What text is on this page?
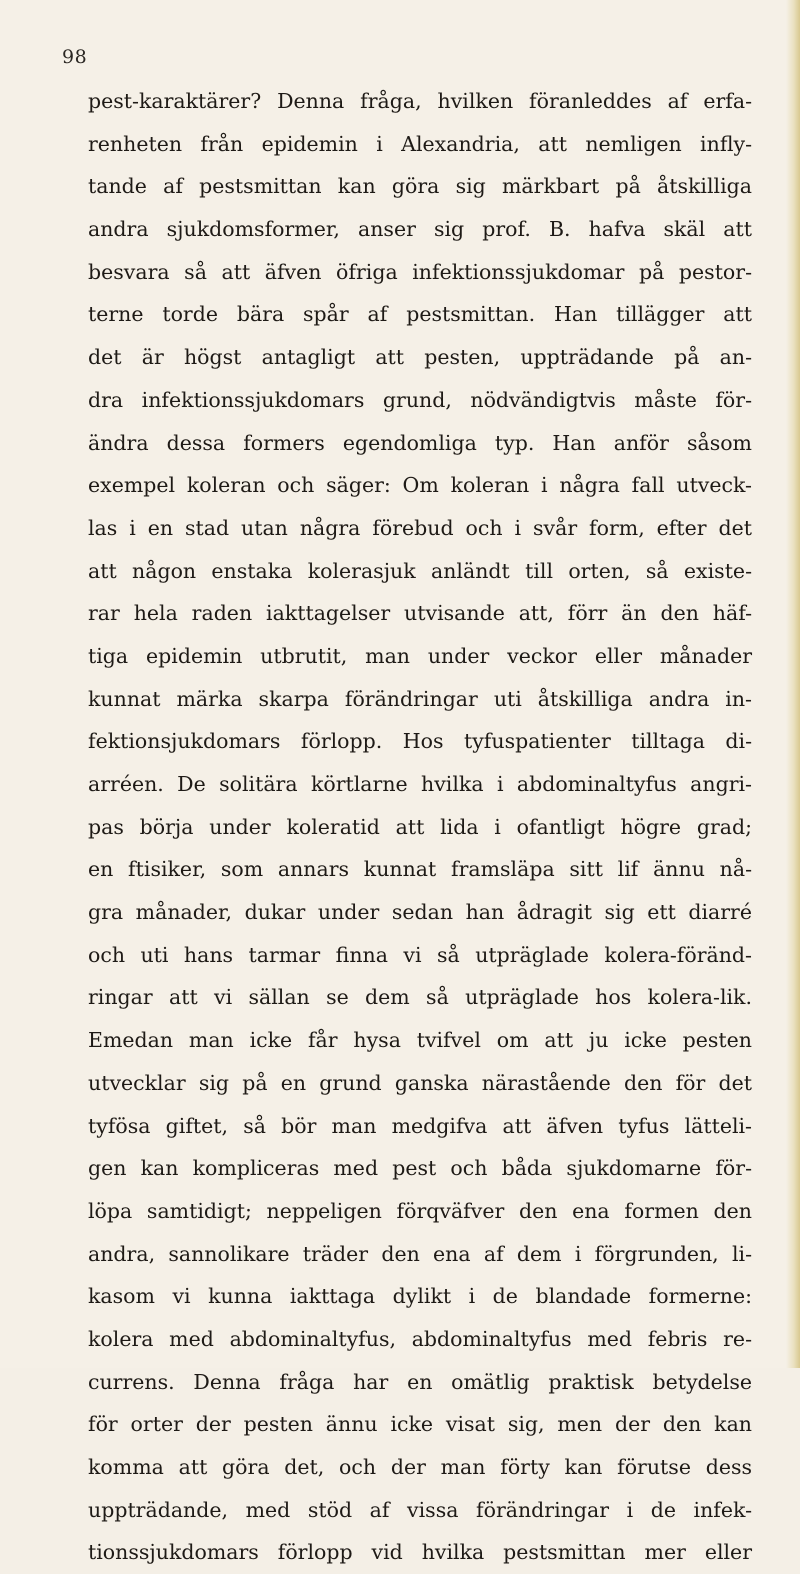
98
pest-karaktärer? Denna fråga, hvilken föranleddes af erfa-
renheten från epidemin i Alexandria, att nemligen infly-
tande af pestsmittan kan göra sig märkbart på åtskilliga
andra sjukdomsformer, anser sig prof. B. hafva skäl att
besvara så att äfven öfriga infektionssjukdomar på pestor-
terne torde bära spår af pestsmittan. Han tillägger att
det är högst antagligt att pesten, uppträdande på an-
dra infektionssjukdomars grund, nödvändigtvis måste för-
ändra dessa formers egendomliga typ. Han anför såsom
exempel koleran och säger: Om koleran i några fall utveck-
las i en stad utan några förebud och i svår form, efter det
att någon enstaka kolerasjuk anländt till orten, så existe-
rar hela raden iakttagelser utvisande att, förr än den häf-
tiga epidemin utbrutit, man under veckor eller månader
kunnat märka skarpa förändringar uti åtskilliga andra in-
fektionsjukdomars förlopp. Hos tyfuspatienter tilltaga di-
arréen. De solitära körtlarne hvilka i abdominaltyfus angri-
pas börja under koleratid att lida i ofantligt högre grad;
en ftisiker, som annars kunnat framsläpa sitt lif ännu nå-
gra månader, dukar under sedan han ådragit sig ett diarré
och uti hans tarmar finna vi så utpräglade kolera-föränd-
ringar att vi sällan se dem så utpräglade hos kolera-lik.
Emedan man icke får hysa tvifvel om att ju icke pesten
utvecklar sig på en grund ganska närastående den för det
tyfösa giftet, så bör man medgifva att äfven tyfus lätteli-
gen kan kompliceras med pest och båda sjukdomarne för-
löpa samtidigt; neppeligen förqväfver den ena formen den
andra, sannolikare träder den ena af dem i förgrunden, li-
kasom vi kunna iakttaga dylikt i de blandade formerne:
kolera med abdominaltyfus, abdominaltyfus med febris re-
currens. Denna fråga har en omätlig praktisk betydelse
för orter der pesten ännu icke visat sig, men der den kan
komma att göra det, och der man förty kan förutse dess
uppträdande, med stöd af vissa förändringar i de infek-
tionssjukdomars förlopp vid hvilka pestsmittan mer eller
